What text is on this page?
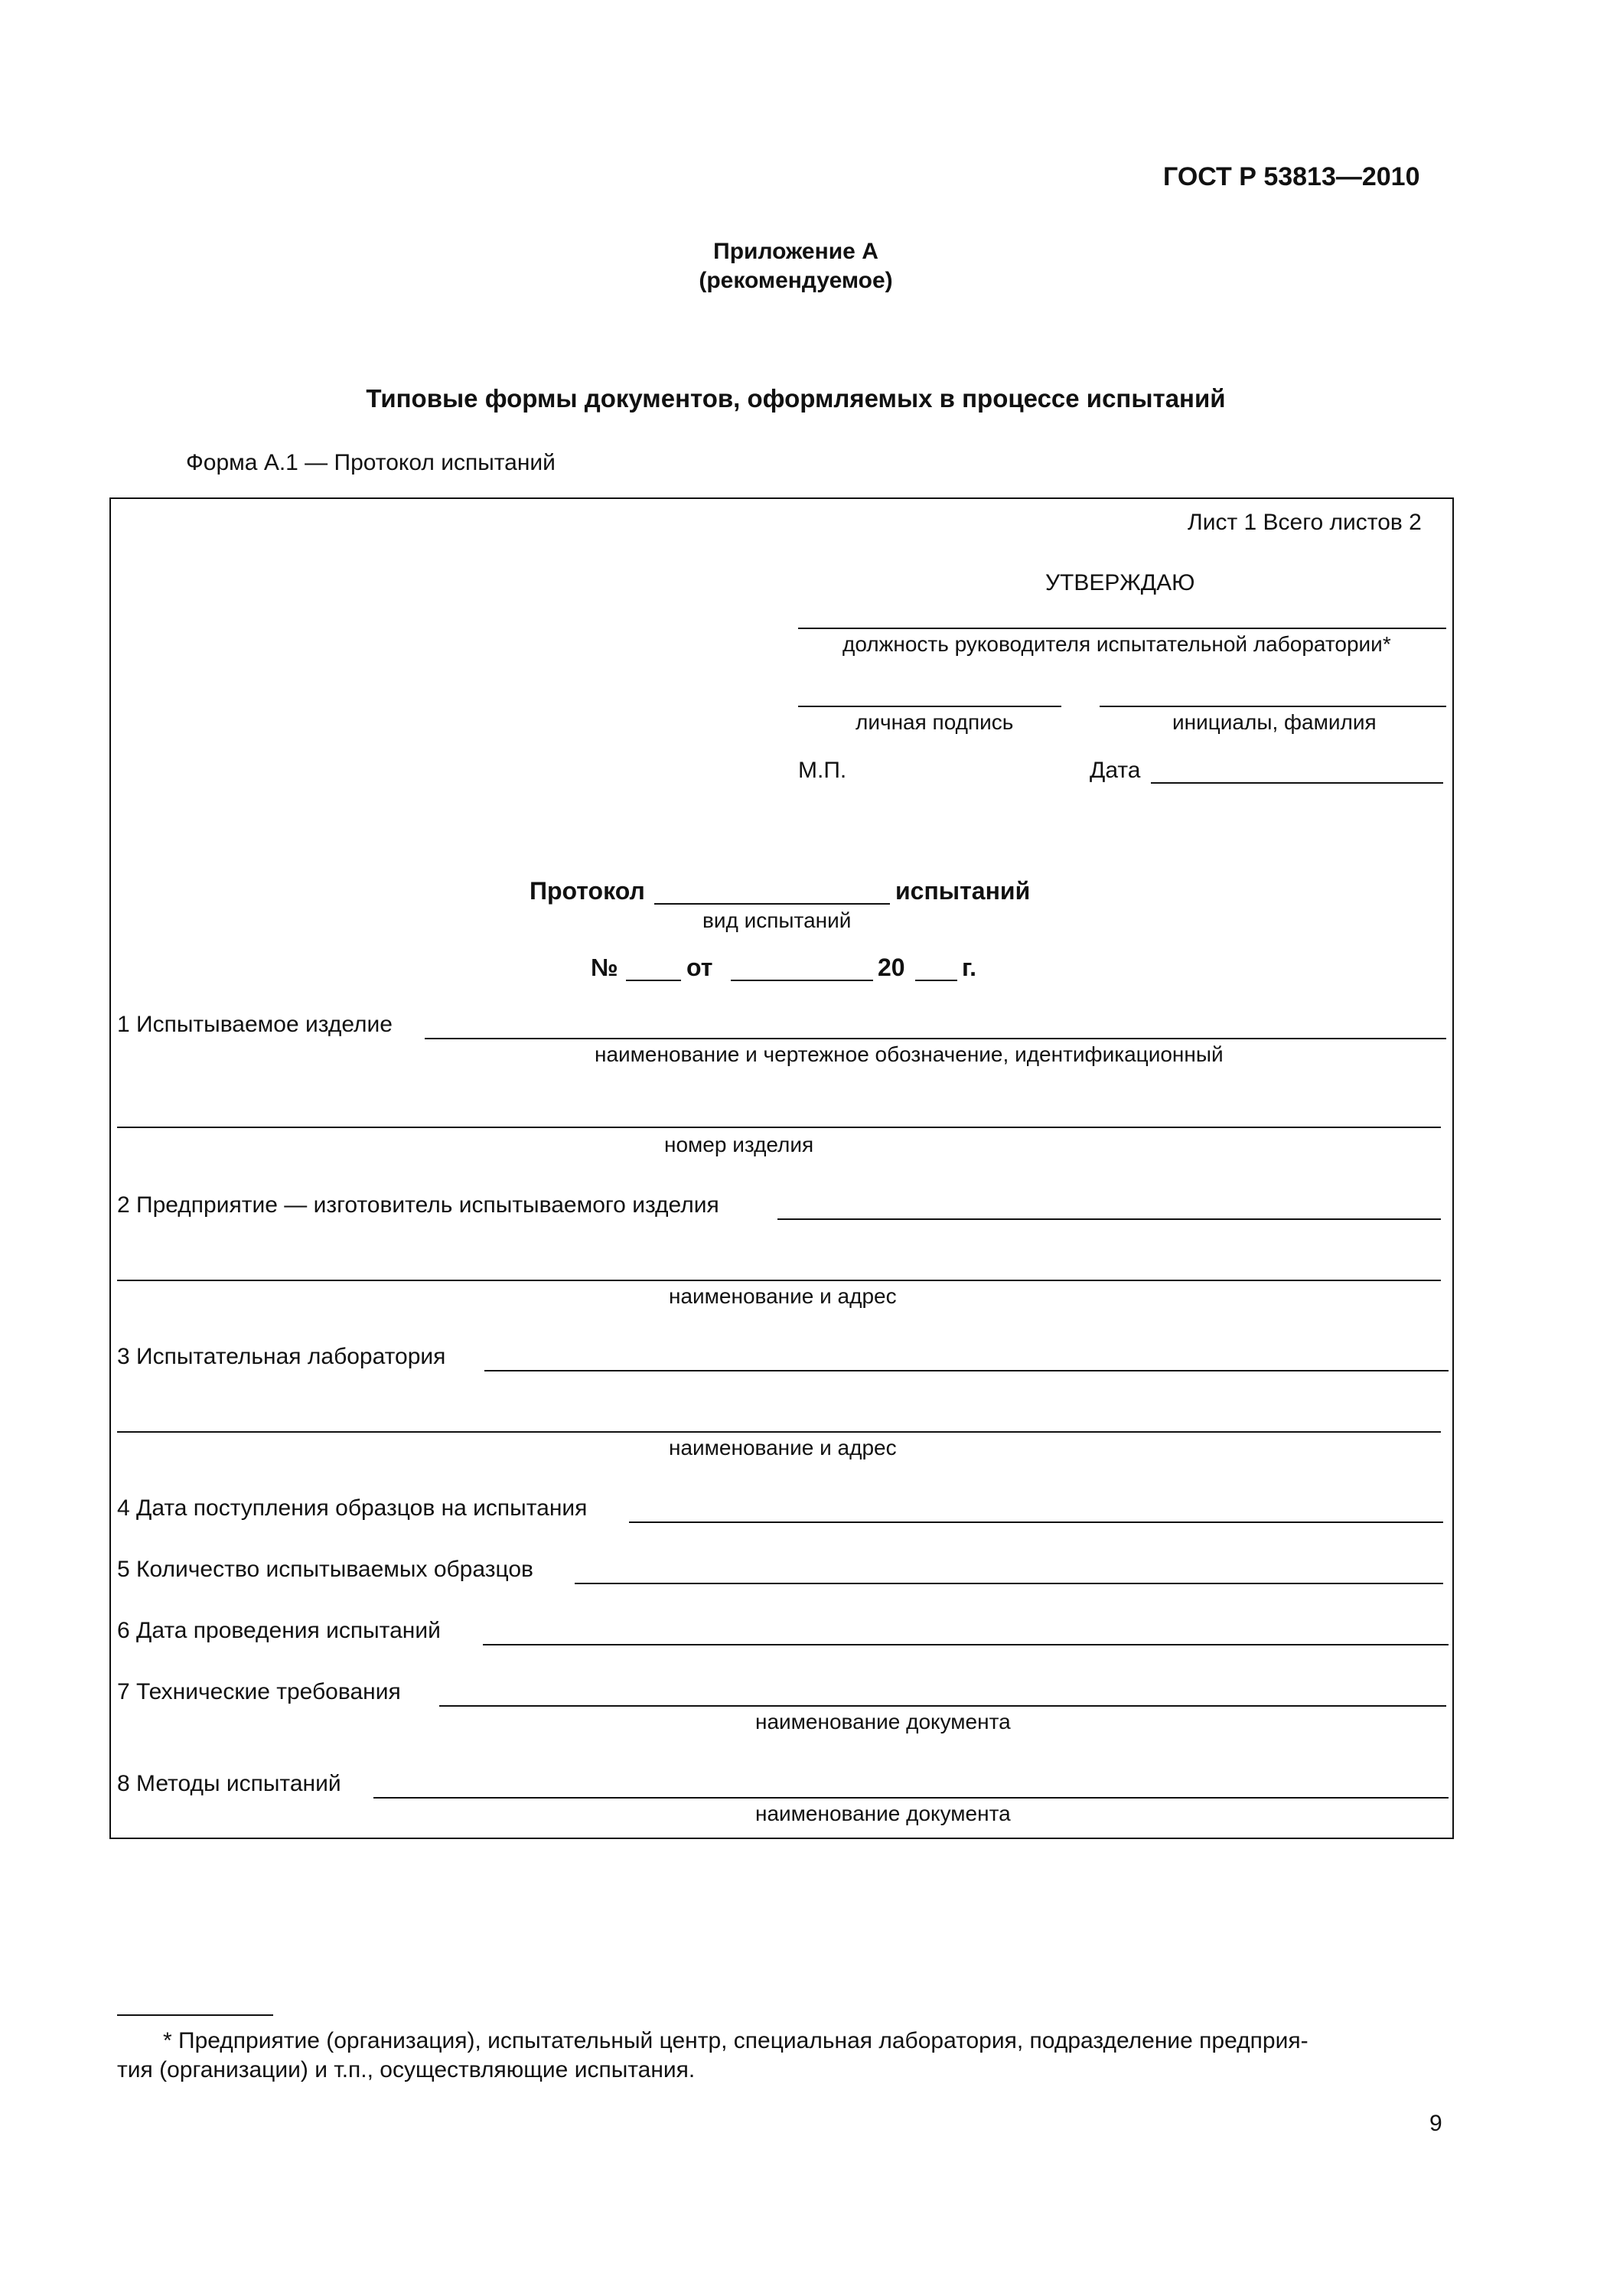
ГОСТ Р 53813—2010
Приложение А
(рекомендуемое)
Типовые формы документов, оформляемых в процессе испытаний
Форма А.1 — Протокол испытаний
Лист 1 Всего листов 2
УТВЕРЖДАЮ
должность руководителя испытательной лаборатории*
личная подпись	инициалы, фамилия
М.П.	Дата
Протокол	испытаний
вид испытаний
№	от	20 г.
1 Испытываемое изделие
наименование и чертежное обозначение, идентификационный
номер изделия
2 Предприятие — изготовитель испытываемого изделия
наименование и адрес
3 Испытательная лаборатория
наименование и адрес
4 Дата поступления образцов на испытания
5 Количество испытываемых образцов
6 Дата проведения испытаний
7 Технические требования
наименование документа
8 Методы испытаний
наименование документа
* Предприятие (организация), испытательный центр, специальная лаборатория, подразделение предприя-
тия (организации) и т.п., осуществляющие испытания.
9
